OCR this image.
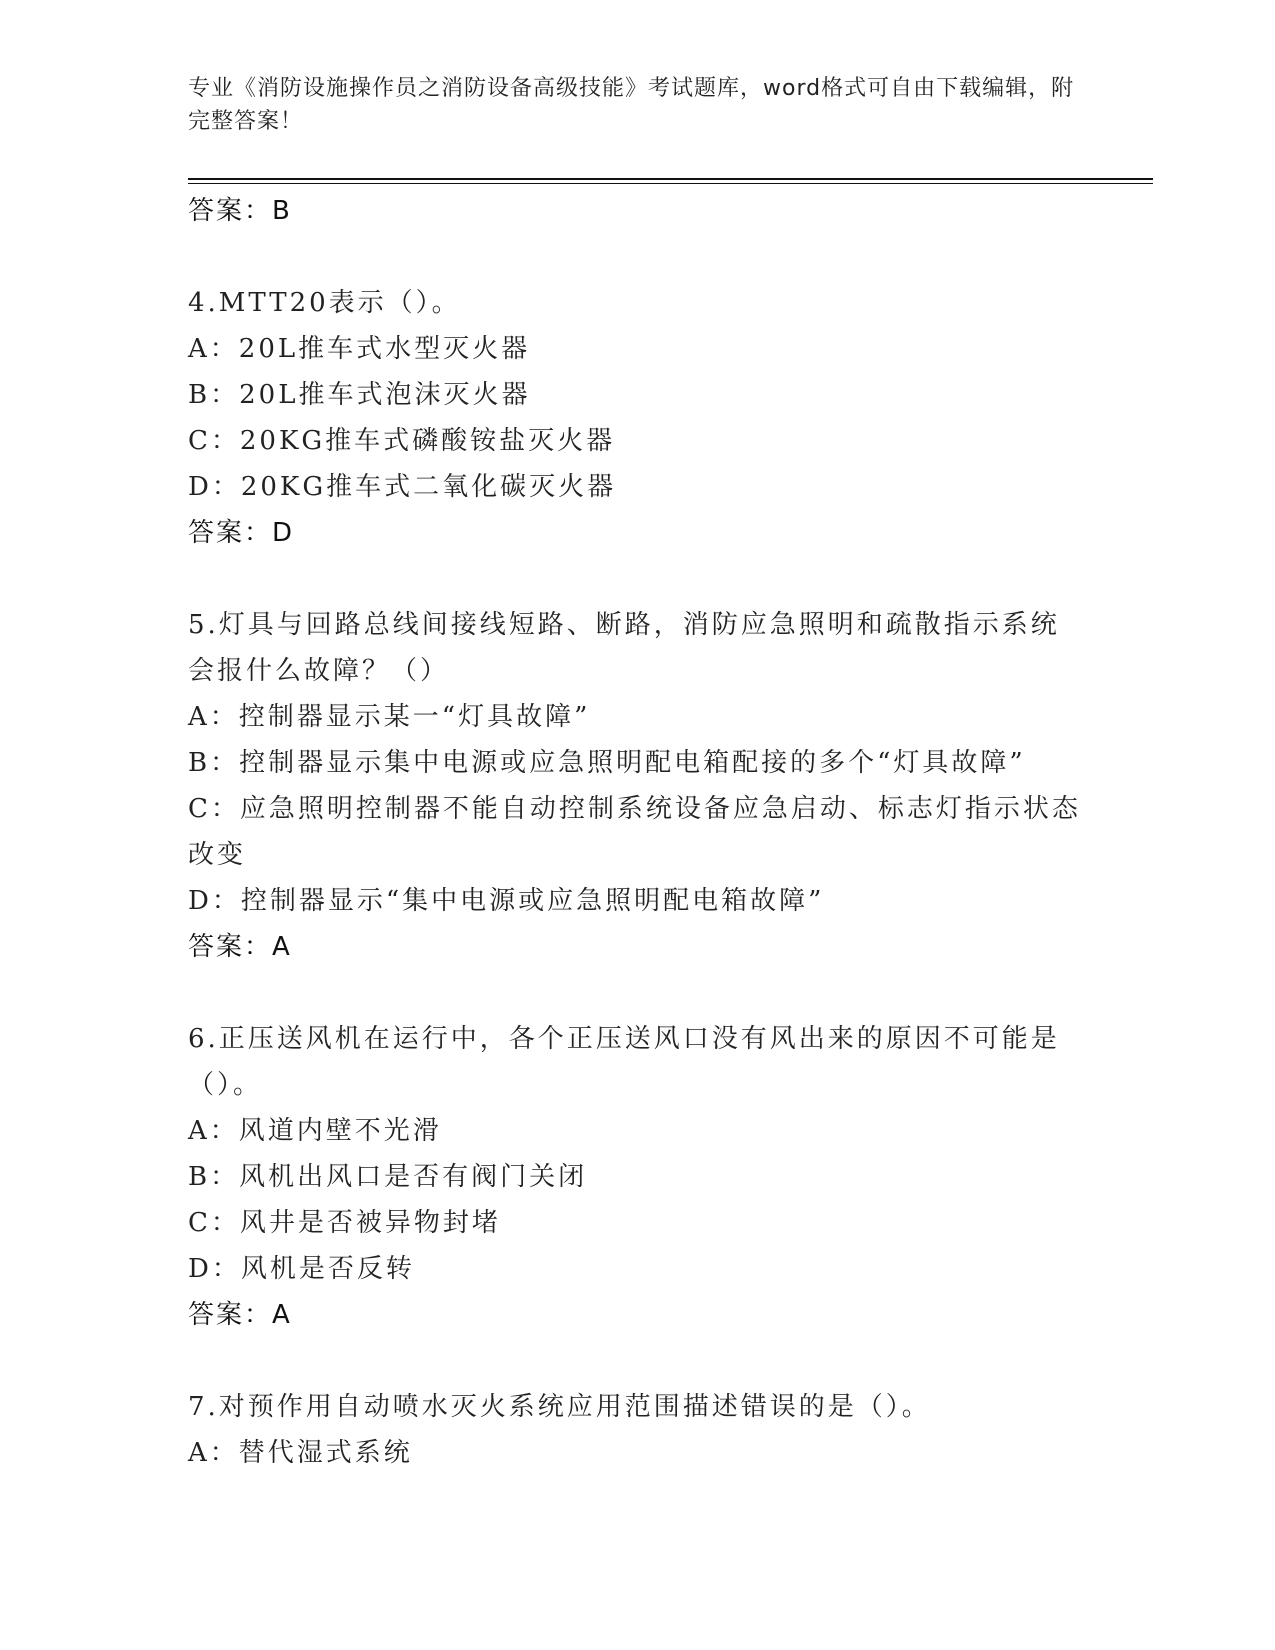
专业《消防设施操作员之消防设备高级技能》考试题库，word格式可自由下载编辑，附完整答案！
答案：B
4.MTT20表示（）。
A：20L推车式水型灭火器
B：20L推车式泡沫灭火器
C：20KG推车式磷酸铵盐灭火器
D：20KG推车式二氧化碳灭火器
答案：D
5.灯具与回路总线间接线短路、断路，消防应急照明和疏散指示系统
会报什么故障？（）
A：控制器显示某一“灯具故障”
B：控制器显示集中电源或应急照明配电箱配接的多个“灯具故障”
C：应急照明控制器不能自动控制系统设备应急启动、标志灯指示状态
改变
D：控制器显示“集中电源或应急照明配电箱故障”
答案：A
6.正压送风机在运行中，各个正压送风口没有风出来的原因不可能是
（）。
A：风道内壁不光滑
B：风机出风口是否有阀门关闭
C：风井是否被异物封堵
D：风机是否反转
答案：A
7.对预作用自动喷水灭火系统应用范围描述错误的是（）。
A：替代湿式系统
